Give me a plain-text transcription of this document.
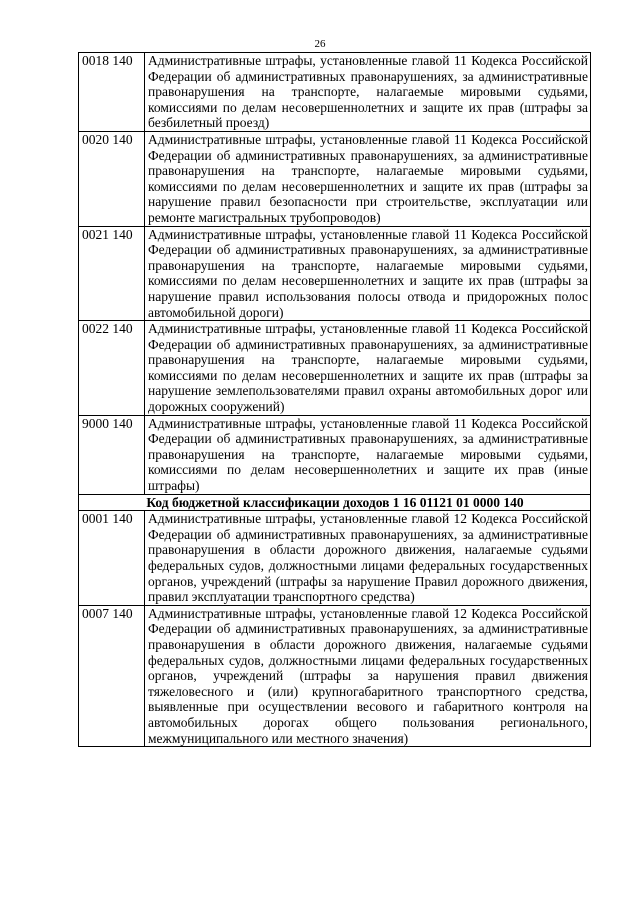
26
0018 140	Административные штрафы, установленные главой 11 Кодекса Российской Федерации об административных правонарушениях, за административные правонарушения на транспорте, налагаемые мировыми судьями, комиссиями по делам несовершеннолетних и защите их прав (штрафы за безбилетный проезд)
0020 140	Административные штрафы, установленные главой 11 Кодекса Российской Федерации об административных правонарушениях, за административные правонарушения на транспорте, налагаемые мировыми судьями, комиссиями по делам несовершеннолетних и защите их прав (штрафы за нарушение правил безопасности при строительстве, эксплуатации или ремонте магистральных трубопроводов)
0021 140	Административные штрафы, установленные главой 11 Кодекса Российской Федерации об административных правонарушениях, за административные правонарушения на транспорте, налагаемые мировыми судьями, комиссиями по делам несовершеннолетних и защите их прав (штрафы за нарушение правил использования полосы отвода и придорожных полос автомобильной дороги)
0022 140	Административные штрафы, установленные главой 11 Кодекса Российской Федерации об административных правонарушениях, за административные правонарушения на транспорте, налагаемые мировыми судьями, комиссиями по делам несовершеннолетних и защите их прав (штрафы за нарушение землепользователями правил охраны автомобильных дорог или дорожных сооружений)
9000 140	Административные штрафы, установленные главой 11 Кодекса Российской Федерации об административных правонарушениях, за административные правонарушения на транспорте, налагаемые мировыми судьями, комиссиями по делам несовершеннолетних и защите их прав (иные штрафы)
Код бюджетной классификации доходов 1 16 01121 01 0000 140	
0001 140	Административные штрафы, установленные главой 12 Кодекса Российской Федерации об административных правонарушениях, за административные правонарушения в области дорожного движения, налагаемые судьями федеральных судов, должностными лицами федеральных государственных органов, учреждений (штрафы за нарушение Правил дорожного движения, правил эксплуатации транспортного средства)
0007 140	Административные штрафы, установленные главой 12 Кодекса Российской Федерации об административных правонарушениях, за административные правонарушения в области дорожного движения, налагаемые судьями федеральных судов, должностными лицами федеральных государственных органов, учреждений (штрафы за нарушения правил движения тяжеловесного и (или) крупногабаритного транспортного средства, выявленные при осуществлении весового и габаритного контроля на автомобильных дорогах общего пользования регионального, межмуниципального или местного значения)
